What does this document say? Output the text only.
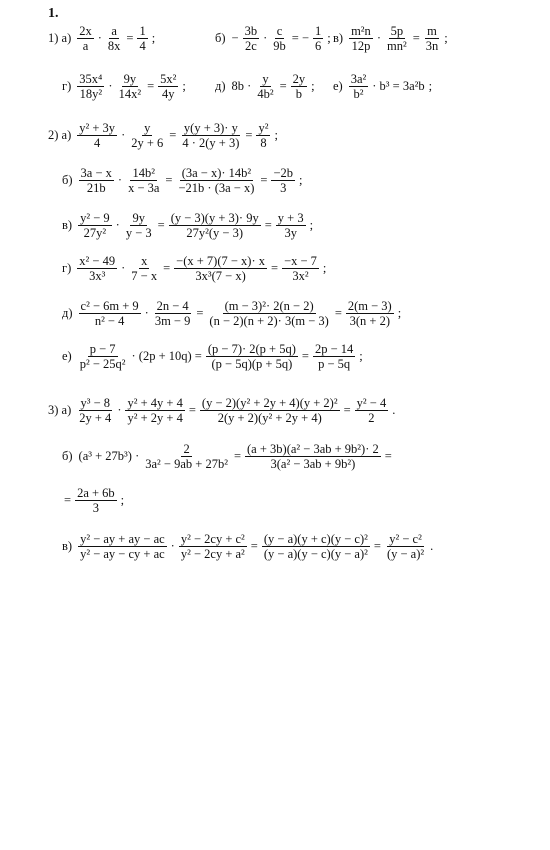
1.
1) $а) \frac{2x}{a} \cdot \frac{a}{8x} = \frac{1}{4}$ ;	$б) - \frac{3b}{2c} \cdot \frac{c}{9b}$ = − $\frac{1}{6}$ ; $в) \frac{\text{m²n}}{12p} \cdot \frac{5p}{\text{mn²}} = \frac{m}{3n}$ ;
$г) \frac{\text{35x⁴}}{\text{18y²}} \cdot \frac{9y}{\text{14x²}} = \frac{\text{5x²}}{4y}$ ; д) $8b \cdot \frac{y}{\text{4b²}} = \frac{2y}{b}$ ; $е) \frac{\text{3a²}}{\text{b²}} \cdot b^3 = 3a^2b$ ;
2) $а) \frac{\text{y² + 3y}}{4} \cdot \frac{y}{2y + 6} = \frac{y(y + 3)\cdot y}{4 \cdot 2(y + 3)} = \frac{\text{y²}}{8}$ ;
$б) \frac{3a - x}{21b} \cdot \frac{\text{14b²}}{x - 3a} = \frac{\text{(3a − x)· 14b²}}{-21b \cdot (3a - x)} = \frac{-2b}{3}$ ;
$в) \frac{\text{y² − 9}}{\text{27y²}} \cdot \frac{9y}{y - 3} = \frac{(y - 3)(y + 3)\cdot 9y}{\text{27y²(y − 3)}} = \frac{y + 3}{3y}$ ;
$г) \frac{\text{x² − 49}}{\text{3x³}} \cdot \frac{x}{7 - x} = \frac{-(x + 7)(7 - x)\cdot x}{\text{3x³(7 − x)}} = \frac{-x - 7}{\text{3x²}}$ ;
$д) \frac{\text{c² − 6m + 9}}{\text{n² − 4}} \cdot \frac{2n - 4}{3m - 9} = \frac{\text{(m − 3)²· 2(n − 2)}}{(n - 2)(n + 2)\cdot 3(m - 3)} = \frac{2(m - 3)}{3(n + 2)}$ ;
$е) \frac{p - 7}{\text{p² − 25q²}} \cdot (2p + 10q) = \frac{(p - 7)\cdot 2(p + 5q)}{(p - 5q)(p + 5q)} = \frac{2p - 14}{p - 5q}$ ;
3) $а) \frac{\text{y³ − 8}}{2y + 4} \cdot \frac{\text{y² + 4y + 4}}{\text{y² + 2y + 4}} = \frac{\text{(y − 2)(y² + 2y + 4)(y + 2)²}}{\text{2(y + 2)(y² + 2y + 4)}} = \frac{\text{y² − 4}}{2}$ .
б) $(a^3 + 27b^3) \cdot \frac{2}{\text{3a² − 9ab + 27b²}} = \frac{\text{(a + 3b)(a² − 3ab + 9b²)· 2}}{\text{3(a² − 3ab + 9b²)}}$ =
= $\frac{2a + 6b}{3}$ ;
$в) \frac{\text{y² − ay + ay − ac}}{\text{y² − ay − cy + ac}} \cdot \frac{\text{y² − 2cy + c²}}{\text{y² − 2cy + a²}} = \frac{\text{(y − a)(y + c)(y − c)²}}{\text{(y − a)(y − c)(y − a)²}} = \frac{\text{y² − c²}}{\text{(y − a)²}}$ .
